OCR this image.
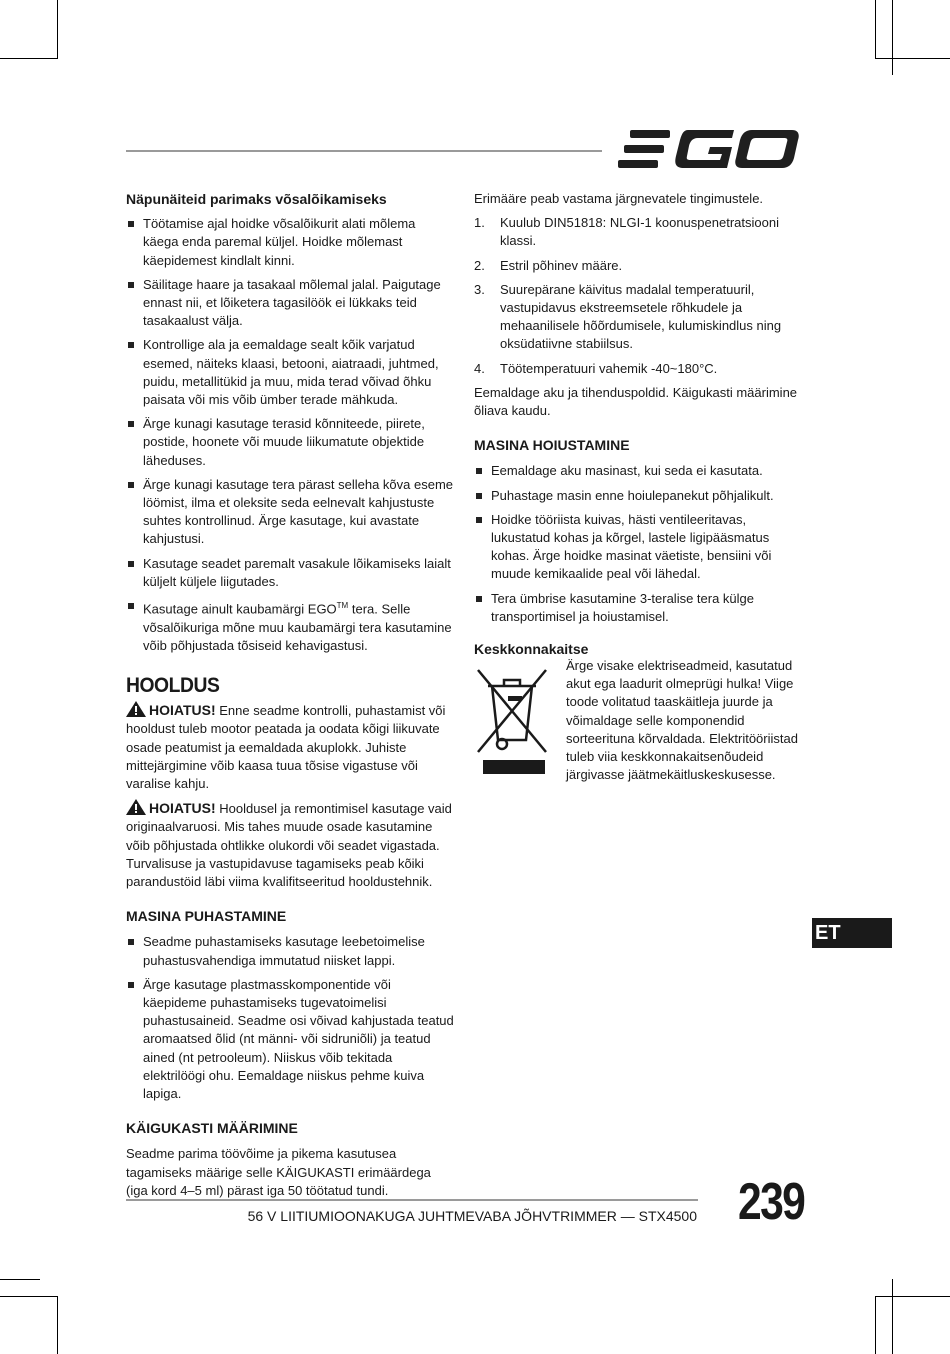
Näpunäiteid parimaks võsalõikamiseks
Töötamise ajal hoidke võsalõikurit alati mõlema käega enda paremal küljel. Hoidke mõlemast käepidemest kindlalt kinni.
Säilitage haare ja tasakaal mõlemal jalal. Paigutage ennast nii, et lõiketera tagasilöök ei lükkaks teid tasakaalust välja.
Kontrollige ala ja eemaldage sealt kõik varjatud esemed, näiteks klaasi, betooni, aiatraadi, juhtmed, puidu, metallitükid ja muu, mida terad võivad õhku paisata või mis võib ümber terade mähkuda.
Ärge kunagi kasutage terasid kõnniteede, piirete, postide, hoonete või muude liikumatute objektide läheduses.
Ärge kunagi kasutage tera pärast selleha kõva eseme löömist, ilma et oleksite seda eelnevalt kahjustuste suhtes kontrollinud. Ärge kasutage, kui avastate kahjustusi.
Kasutage seadet paremalt vasakule lõikamiseks laialt küljelt küljele liigutades.
Kasutage ainult kaubamärgi EGO™ tera. Selle võsalõikuriga mõne muu kaubamärgi tera kasutamine võib põhjustada tõsiseid kehavigastusi.
HOOLDUS

HOIATUS! Enne seadme kontrolli, puhastamist või hooldust tuleb mootor peatada ja oodata kõigi liikuvate osade peatumist ja eemaldada akuplokk. Juhiste mittejärgimine võib kaasa tuua tõsise vigastuse või varalise kahju.

HOIATUS! Hooldusel ja remontimisel kasutage vaid originaalvaruosi. Mis tahes muude osade kasutamine võib põhjustada ohtlikke olukordi või seadet vigastada. Turvalisuse ja vastupidavuse tagamiseks peab kõiki parandustöid läbi viima kvalifitseeritud hooldustehnik.

MASINA PUHASTAMINE
Seadme puhastamiseks kasutage leebetoimelise puhastusvahendiga immutatud niisket lappi.
Ärge kasutage plastmasskomponentide või käepideme puhastamiseks tugevatoimelisi puhastusaineid. Seadme osi võivad kahjustada teatud aromaatsed õlid (nt männi- või sidruniõli) ja teatud ained (nt petrooleum). Niiskus võib tekitada elektrilöögi ohu. Eemaldage niiskus pehme kuiva lapiga.
KÄIGUKASTI MÄÄRIMINE

Seadme parima töövõime ja pikema kasutusea tagamiseks määrige selle KÄIGUKASTI erimäärdega (iga kord 4–5 ml) pärast iga 50 töötatud tundi.

Erimääre peab vastama järgnevatele tingimustele.

1. Kuulub DIN51818: NLGI-1 koonuspenetratsiooni klassi.
2. Estril põhinev määre.
3. Suurepärane käivitus madalal temperatuuril, vastupidavus ekstreemsetele rõhkudele ja mehaanilisele hõõrdumisele, kulumiskindlus ning oksüdatiivne stabiilsus.
4. Töötemperatuuri vahemik -40~180°C.

Eemaldage aku ja tihenduspoldid. Käigukasti määrimine õliava kaudu.

MASINA HOIUSTAMINE
Eemaldage aku masinast, kui seda ei kasutata.
Puhastage masin enne hoiulepanekut põhjalikult.
Hoidke tööriista kuivas, hästi ventileeritavas, lukustatud kohas ja kõrgel, lastele ligipääsmatus kohas. Ärge hoidke masinat väetiste, bensiini või muude kemikaalide peal või lähedal.
Tera ümbrise kasutamine 3-teralise tera külge transportimisel ja hoiustamisel.
Keskkonnakaitse
Ärge visake elektriseadmeid, kasutatud akut ega laadurit olmeprügi hulka! Viige toode volitatud taaskäitleja juurde ja võimaldage selle komponendid sorteerituna kõrvaldada. Elektritööriistad tuleb viia keskkonnakaitsenõudeid järgivasse jäätmekäitluskeskusesse.
ET
56 V LIITIUMIOONAKUGA JUHTMEVABA JÕHVTRIMMER — STX4500 239
